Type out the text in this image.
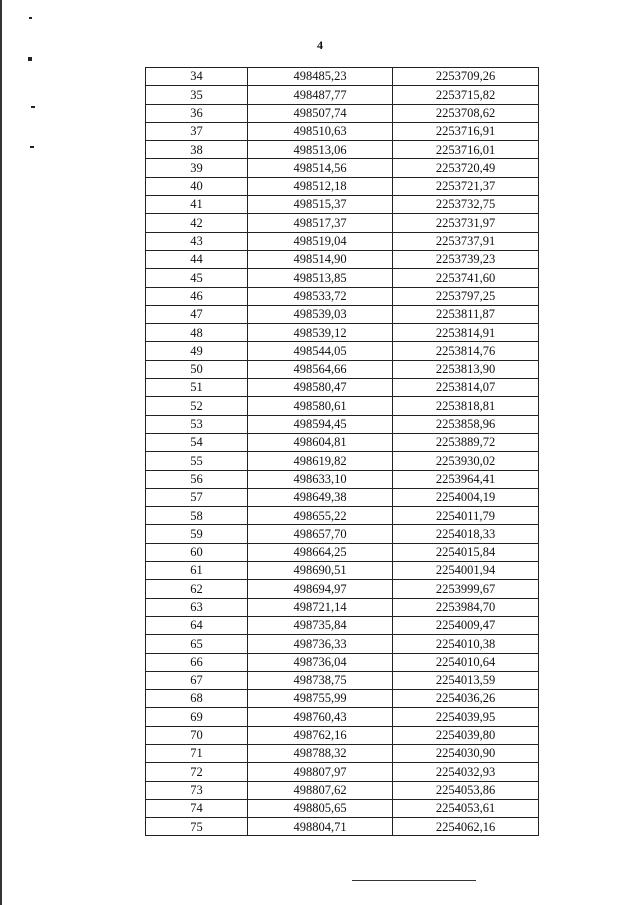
4
34	498485,23	2253709,26
35	498487,77	2253715,82
36	498507,74	2253708,62
37	498510,63	2253716,91
38	498513,06	2253716,01
39	498514,56	2253720,49
40	498512,18	2253721,37
41	498515,37	2253732,75
42	498517,37	2253731,97
43	498519,04	2253737,91
44	498514,90	2253739,23
45	498513,85	2253741,60
46	498533,72	2253797,25
47	498539,03	2253811,87
48	498539,12	2253814,91
49	498544,05	2253814,76
50	498564,66	2253813,90
51	498580,47	2253814,07
52	498580,61	2253818,81
53	498594,45	2253858,96
54	498604,81	2253889,72
55	498619,82	2253930,02
56	498633,10	2253964,41
57	498649,38	2254004,19
58	498655,22	2254011,79
59	498657,70	2254018,33
60	498664,25	2254015,84
61	498690,51	2254001,94
62	498694,97	2253999,67
63	498721,14	2253984,70
64	498735,84	2254009,47
65	498736,33	2254010,38
66	498736,04	2254010,64
67	498738,75	2254013,59
68	498755,99	2254036,26
69	498760,43	2254039,95
70	498762,16	2254039,80
71	498788,32	2254030,90
72	498807,97	2254032,93
73	498807,62	2254053,86
74	498805,65	2254053,61
75	498804,71	2254062,16
